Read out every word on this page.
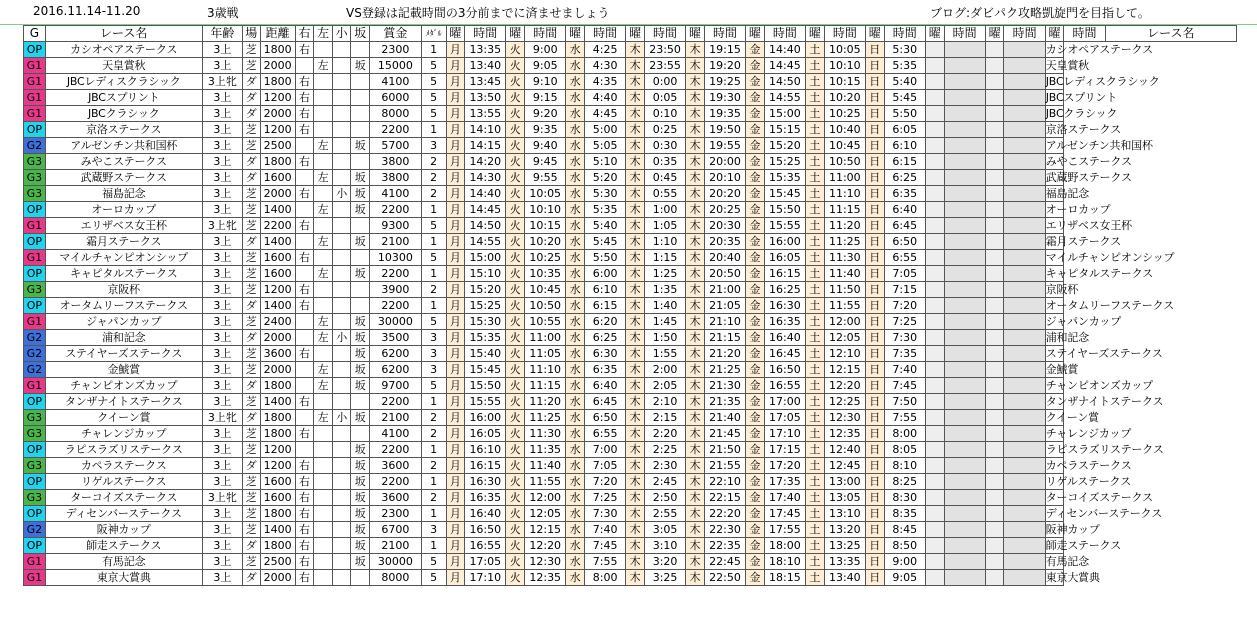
2016.11.14-11.20	3歳戦	VS登録は記載時間の3分前までに済ませましょう	ブログ:ダビパク攻略凱旋門を目指して。
G	レース名	年齢	場	距離	右	左	小	坂	賞金	ﾒﾀﾞﾙ	曜	時間	曜	時間	曜	時間	曜	時間	曜	時間	曜	時間	曜	時間	曜	時間	曜	時間	曜	時間	曜	時間	レース名
OP	カシオペアステークス	3上	芝	1800	右				2300	1	月	13:35	火	9:00	水	4:25	木	23:50	木	19:15	金	14:40	土	10:05	日	5:30					カシオペアステークス		
G1	天皇賞秋	3上	芝	2000		左		坂	15000	5	月	13:40	火	9:05	水	4:30	木	23:55	木	19:20	金	14:45	土	10:10	日	5:35					天皇賞秋		
G1	JBCレディスクラシック	3上牝	ダ	1800	右				4100	5	月	13:45	火	9:10	水	4:35	木	0:00	木	19:25	金	14:50	土	10:15	日	5:40					JBCレディスクラシック		
G1	JBCスプリント	3上	ダ	1200	右				6000	5	月	13:50	火	9:15	水	4:40	木	0:05	木	19:30	金	14:55	土	10:20	日	5:45					JBCスプリント		
G1	JBCクラシック	3上	ダ	2000	右				8000	5	月	13:55	火	9:20	水	4:45	木	0:10	木	19:35	金	15:00	土	10:25	日	5:50					JBCクラシック		
OP	京洛ステークス	3上	芝	1200	右				2200	1	月	14:10	火	9:35	水	5:00	木	0:25	木	19:50	金	15:15	土	10:40	日	6:05					京洛ステークス		
G2	アルゼンチン共和国杯	3上	芝	2500		左		坂	5700	3	月	14:15	火	9:40	水	5:05	木	0:30	木	19:55	金	15:20	土	10:45	日	6:10					アルゼンチン共和国杯		
G3	みやこステークス	3上	ダ	1800	右				3800	2	月	14:20	火	9:45	水	5:10	木	0:35	木	20:00	金	15:25	土	10:50	日	6:15					みやこステークス		
G3	武蔵野ステークス	3上	ダ	1600		左		坂	3800	2	月	14:30	火	9:55	水	5:20	木	0:45	木	20:10	金	15:35	土	11:00	日	6:25					武蔵野ステークス		
G3	福島記念	3上	芝	2000	右		小	坂	4100	2	月	14:40	火	10:05	水	5:30	木	0:55	木	20:20	金	15:45	土	11:10	日	6:35					福島記念		
OP	オーロカップ	3上	芝	1400		左		坂	2200	1	月	14:45	火	10:10	水	5:35	木	1:00	木	20:25	金	15:50	土	11:15	日	6:40					オーロカップ		
G1	エリザベス女王杯	3上牝	芝	2200	右				9300	5	月	14:50	火	10:15	水	5:40	木	1:05	木	20:30	金	15:55	土	11:20	日	6:45					エリザベス女王杯		
OP	霜月ステークス	3上	ダ	1400		左		坂	2100	1	月	14:55	火	10:20	水	5:45	木	1:10	木	20:35	金	16:00	土	11:25	日	6:50					霜月ステークス		
G1	マイルチャンピオンシップ	3上	芝	1600	右				10300	5	月	15:00	火	10:25	水	5:50	木	1:15	木	20:40	金	16:05	土	11:30	日	6:55					マイルチャンピオンシップ		
OP	キャピタルステークス	3上	芝	1600		左		坂	2200	1	月	15:10	火	10:35	水	6:00	木	1:25	木	20:50	金	16:15	土	11:40	日	7:05					キャピタルステークス		
G3	京阪杯	3上	芝	1200	右				3900	2	月	15:20	火	10:45	水	6:10	木	1:35	木	21:00	金	16:25	土	11:50	日	7:15					京阪杯		
OP	オータムリーフステークス	3上	ダ	1400	右				2200	1	月	15:25	火	10:50	水	6:15	木	1:40	木	21:05	金	16:30	土	11:55	日	7:20					オータムリーフステークス		
G1	ジャパンカップ	3上	芝	2400		左		坂	30000	5	月	15:30	火	10:55	水	6:20	木	1:45	木	21:10	金	16:35	土	12:00	日	7:25					ジャパンカップ		
G2	浦和記念	3上	ダ	2000		左	小	坂	3500	3	月	15:35	火	11:00	水	6:25	木	1:50	木	21:15	金	16:40	土	12:05	日	7:30					浦和記念		
G2	ステイヤーズステークス	3上	芝	3600	右			坂	6200	3	月	15:40	火	11:05	水	6:30	木	1:55	木	21:20	金	16:45	土	12:10	日	7:35					ステイヤーズステークス		
G2	金鯱賞	3上	芝	2000		左		坂	6200	3	月	15:45	火	11:10	水	6:35	木	2:00	木	21:25	金	16:50	土	12:15	日	7:40					金鯱賞		
G1	チャンピオンズカップ	3上	ダ	1800		左		坂	9700	5	月	15:50	火	11:15	水	6:40	木	2:05	木	21:30	金	16:55	土	12:20	日	7:45					チャンピオンズカップ		
OP	タンザナイトステークス	3上	芝	1400	右				2200	1	月	15:55	火	11:20	水	6:45	木	2:10	木	21:35	金	17:00	土	12:25	日	7:50					タンザナイトステークス		
G3	クイーン賞	3上牝	ダ	1800		左	小	坂	2100	2	月	16:00	火	11:25	水	6:50	木	2:15	木	21:40	金	17:05	土	12:30	日	7:55					クイーン賞		
G3	チャレンジカップ	3上	芝	1800	右				4100	2	月	16:05	火	11:30	水	6:55	木	2:20	木	21:45	金	17:10	土	12:35	日	8:00					チャレンジカップ		
OP	ラピスラズリステークス	3上	芝	1200				坂	2200	1	月	16:10	火	11:35	水	7:00	木	2:25	木	21:50	金	17:15	土	12:40	日	8:05					ラピスラズリステークス		
G3	カペラステークス	3上	ダ	1200	右			坂	3600	2	月	16:15	火	11:40	水	7:05	木	2:30	木	21:55	金	17:20	土	12:45	日	8:10					カペラステークス		
OP	リゲルステークス	3上	芝	1600	右			坂	2200	1	月	16:30	火	11:55	水	7:20	木	2:45	木	22:10	金	17:35	土	13:00	日	8:25					リゲルステークス		
G3	ターコイズステークス	3上牝	芝	1600	右			坂	3600	2	月	16:35	火	12:00	水	7:25	木	2:50	木	22:15	金	17:40	土	13:05	日	8:30					ターコイズステークス		
OP	ディセンバーステークス	3上	芝	1800	右			坂	2300	1	月	16:40	火	12:05	水	7:30	木	2:55	木	22:20	金	17:45	土	13:10	日	8:35					ディセンバーステークス		
G2	阪神カップ	3上	芝	1400	右			坂	6700	3	月	16:50	火	12:15	水	7:40	木	3:05	木	22:30	金	17:55	土	13:20	日	8:45					阪神カップ		
OP	師走ステークス	3上	ダ	1800	右			坂	2100	1	月	16:55	火	12:20	水	7:45	木	3:10	木	22:35	金	18:00	土	13:25	日	8:50					師走ステークス		
G1	有馬記念	3上	芝	2500	右			坂	30000	5	月	17:05	火	12:30	水	7:55	木	3:20	木	22:45	金	18:10	土	13:35	日	9:00					有馬記念		
G1	東京大賞典	3上	ダ	2000	右				8000	5	月	17:10	火	12:35	水	8:00	木	3:25	木	22:50	金	18:15	土	13:40	日	9:05					東京大賞典		
